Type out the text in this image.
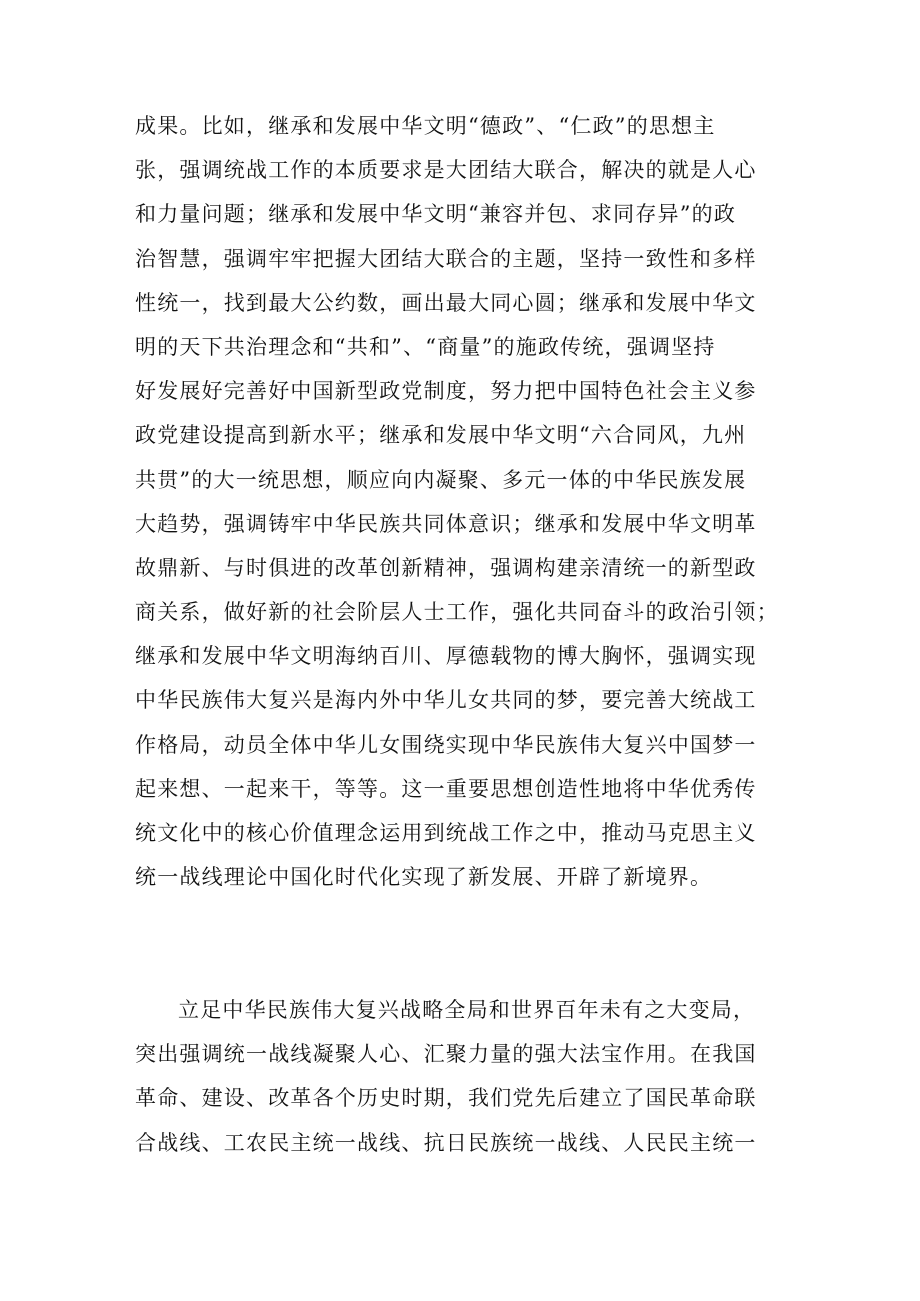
成果。比如，继承和发展中华文明“德政”、“仁政”的思想主
张，强调统战工作的本质要求是大团结大联合，解决的就是人心
和力量问题；继承和发展中华文明“兼容并包、求同存异”的政
治智慧，强调牢牢把握大团结大联合的主题，坚持一致性和多样
性统一，找到最大公约数，画出最大同心圆；继承和发展中华文
明的天下共治理念和“共和”、“商量”的施政传统，强调坚持
好发展好完善好中国新型政党制度，努力把中国特色社会主义参
政党建设提高到新水平；继承和发展中华文明“六合同风，九州
共贯”的大一统思想，顺应向内凝聚、多元一体的中华民族发展
大趋势，强调铸牢中华民族共同体意识；继承和发展中华文明革
故鼎新、与时俱进的改革创新精神，强调构建亲清统一的新型政
商关系，做好新的社会阶层人士工作，强化共同奋斗的政治引领；
继承和发展中华文明海纳百川、厚德载物的博大胸怀，强调实现
中华民族伟大复兴是海内外中华儿女共同的梦，要完善大统战工
作格局，动员全体中华儿女围绕实现中华民族伟大复兴中国梦一
起来想、一起来干，等等。这一重要思想创造性地将中华优秀传
统文化中的核心价值理念运用到统战工作之中，推动马克思主义
统一战线理论中国化时代化实现了新发展、开辟了新境界。
立足中华民族伟大复兴战略全局和世界百年未有之大变局，
突出强调统一战线凝聚人心、汇聚力量的强大法宝作用。在我国
革命、建设、改革各个历史时期，我们党先后建立了国民革命联
合战线、工农民主统一战线、抗日民族统一战线、人民民主统一
